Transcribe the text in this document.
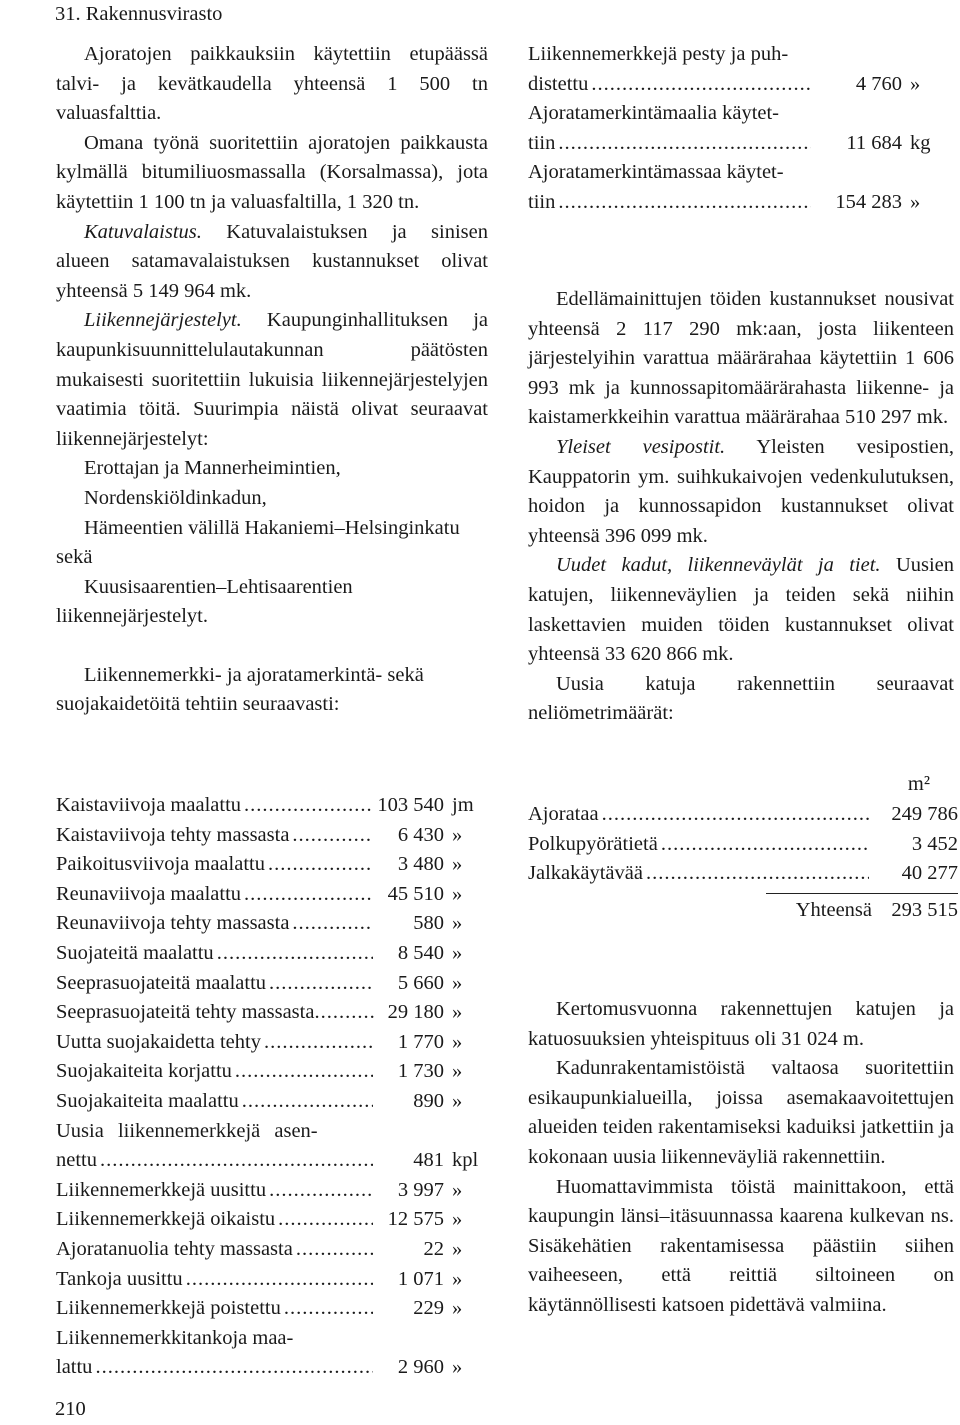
31. Rakennusvirasto

Ajoratojen paikkauksiin käytettiin etupäässä talvi- ja kevätkaudella yhteensä 1 500 tn valuasfalttia.

Omana työnä suoritettiin ajoratojen paikkausta kylmällä bitumiliuosmassalla (Korsalmassa), jota käytettiin 1 100 tn ja valuasfaltilla, 1 320 tn.

Katuvalaistus. Katuvalaistuksen ja sinisen alueen satamavalaistuksen kustannukset olivat yhteensä 5 149 964 mk.

Liikennejärjestelyt. Kaupunginhallituksen ja kaupunkisuunnittelulautakunnan päätösten mukaisesti suoritettiin lukuisia liikennejärjestelyjen vaatimia töitä. Suurimpia näistä olivat seuraavat liikennejärjestelyt:

Erottajan ja Mannerheimintien,

Nordenskiöldinkadun,

Hämeentien välillä Hakaniemi–Helsinginkatu sekä

Kuusisaarentien–Lehtisaarentien liikennejärjestelyt.

Liikennemerkki- ja ajoratamerkintä- sekä suojakaidetöitä tehtiin seuraavasti:

Kaistaviivoja maalattu .....	103 540 jm
Kaistaviivoja tehty massasta .....	6 430 »
Paikoitusviivoja maalattu .....	3 480 »
Reunaviivoja maalattu .....	45 510 »
Reunaviivoja tehty massasta .....	580 »
Suojateitä maalattu .....	8 540 »
Seeprasuojateitä maalattu .....	5 660 »
Seeprasuojateitä tehty massasta .....	29 180 »
Uutta suojakaidetta tehty .....	1 770 »
Suojakaiteita korjattu .....	1 730 »
Suojakaiteita maalattu .....	890 »
Uusia liikennemerkkejä asen-
nettu .....	481 kpl
Liikennemerkkejä uusittu .....	3 997 »
Liikennemerkkejä oikaistu .....	12 575 »
Ajoratanuolia tehty massasta .....	22 »
Tankoja uusittu .....	1 071 »
Liikennemerkkejä poistettu .....	229 »
Liikennemerkkitankoja maa-
lattu .....	2 960 »
Liikennemerkkejä pesty ja puh-
distettu .....	4 760 »
Ajoratamerkintämaalia käytet-
tiin .....	11 684 kg
Ajoratamerkintämassaa käytet-
tiin .....	154 283 »

Edellämainittujen töiden kustannukset nousivat yhteensä 2 117 290 mk:aan, josta liikenteen järjestelyihin varattua määrärahaa käytettiin 1 606 993 mk ja kunnossapitomäärärahasta liikenne- ja kaistamerkkeihin varattua määrärahaa 510 297 mk.

Yleiset vesipostit. Yleisten vesipostien, Kauppatorin ym. suihkukaivojen vedenkulutuksen, hoidon ja kunnossapidon kustannukset olivat yhteensä 396 099 mk.

Uudet kadut, liikenneväylät ja tiet. Uusien katujen, liikenneväylien ja teiden sekä niihin laskettavien muiden töiden kustannukset olivat yhteensä 33 620 866 mk.

Uusia katuja rakennettiin seuraavat neliömetrimäärät:

m²
Ajorataa .....	249 786
Polkupyörätietä .....	3 452
Jalkakäytävää .....	40 277
Yhteensä 293 515

Kertomusvuonna rakennettujen katujen ja katuosuuksien yhteispituus oli 31 024 m.

Kadunrakentamistöistä valtaosa suoritettiin esikaupunkialueilla, joissa asemakaavoitettujen alueiden teiden rakentamiseksi kaduiksi jatkettiin ja kokonaan uusia liikenneväyliä rakennettiin.

Huomattavimmista töistä mainittakoon, että kaupungin länsi–itäsuunnassa kaarena kulkevan ns. Sisäkehätien rakentamisessa päästiin siihen vaiheeseen, että reittiä siltoineen on käytännöllisesti katsoen pidettävä valmiina.

210
